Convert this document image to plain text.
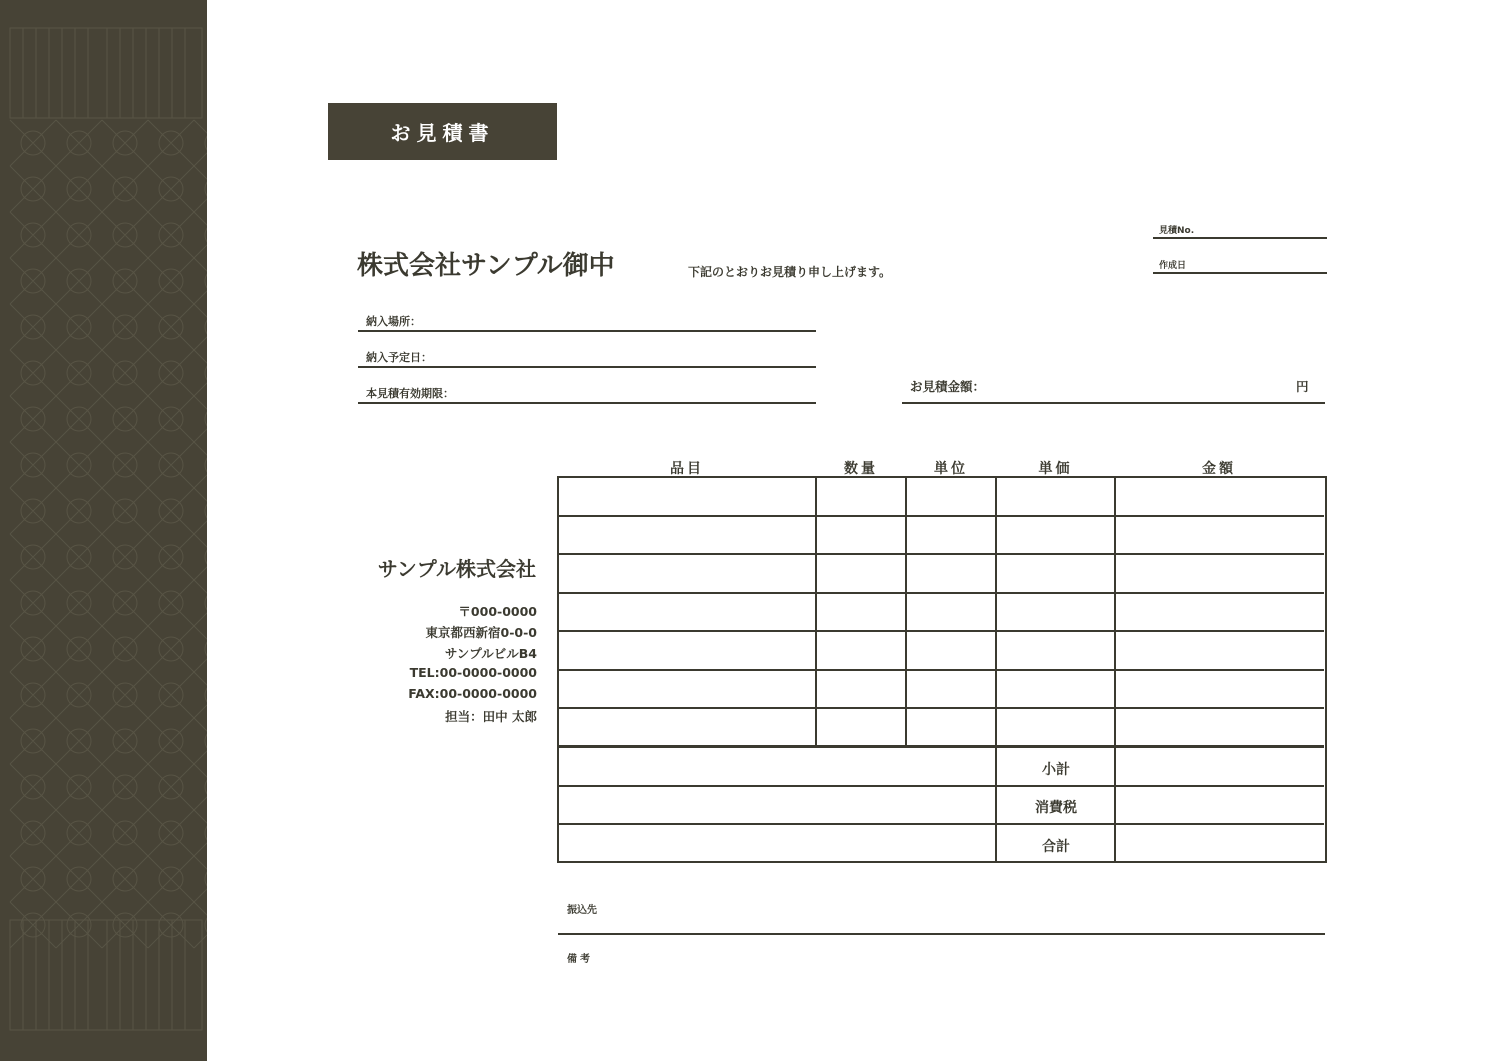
お見積書
見積No.
作成日
株式会社サンプル御中	下記のとおりお見積り申し上げます。
納入場所：
納入予定日：
本見積有効期限：	お見積金額：	円
サンプル株式会社
〒000-0000
東京都西新宿0-0-0
サンプルビルB4
TEL:00-0000-0000
FAX:00-0000-0000
担当：田中 太郎
品目	数量	単位	単価	金額
小計
消費税
合計
振込先
備考
